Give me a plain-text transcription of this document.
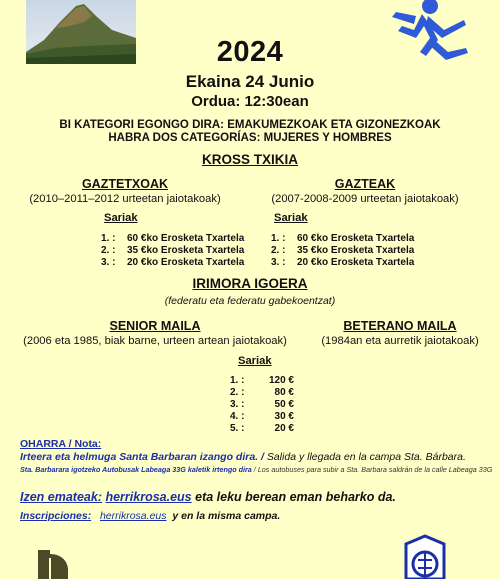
2024
Ekaina 24 Junio
Ordua: 12:30ean
BI KATEGORI EGONGO DIRA: EMAKUMEZKOAK ETA GIZONEZKOAK
HABRA DOS CATEGORÍAS: MUJERES Y HOMBRES
KROSS TXIKIA
GAZTETXOAK
(2010–2011–2012 urteetan jaiotakoak)
Sariak
1. : 60 €ko Erosketa Txartela
2. : 35 €ko Erosketa Txartela
3. : 20 €ko Erosketa Txartela
GAZTEAK
(2007-2008-2009 urteetan jaiotakoak)
Sariak
1. : 60 €ko Erosketa Txartela
2. : 35 €ko Erosketa Txartela
3. : 20 €ko Erosketa Txartela
IRIMORA IGOERA
(federatu eta federatu gabekoentzat)
SENIOR MAILA
(2006 eta 1985, biak barne, urteen artean jaiotakoak)
BETERANO MAILA
(1984an eta aurretik jaiotakoak)
Sariak
1. : 120 €
2. :	80 €
3. :	50 €
4. :	30 €
5. :	20 €
OHARRA / Nota:
Irteera eta helmuga Santa Barbaran izango dira. / Salida y llegada en la campa Sta. Bárbara.
Sta. Barbarara igotzeko Autobusak Labeaga 33G kaletik irtengo dira / Los autobuses para subir a Sta. Barbara saldrán de la calle Labeaga 33G
Izen emateak: herrikrosa.eus eta leku berean eman beharko da.
Inscripciones: herrikrosa.eus y en la misma campa.
